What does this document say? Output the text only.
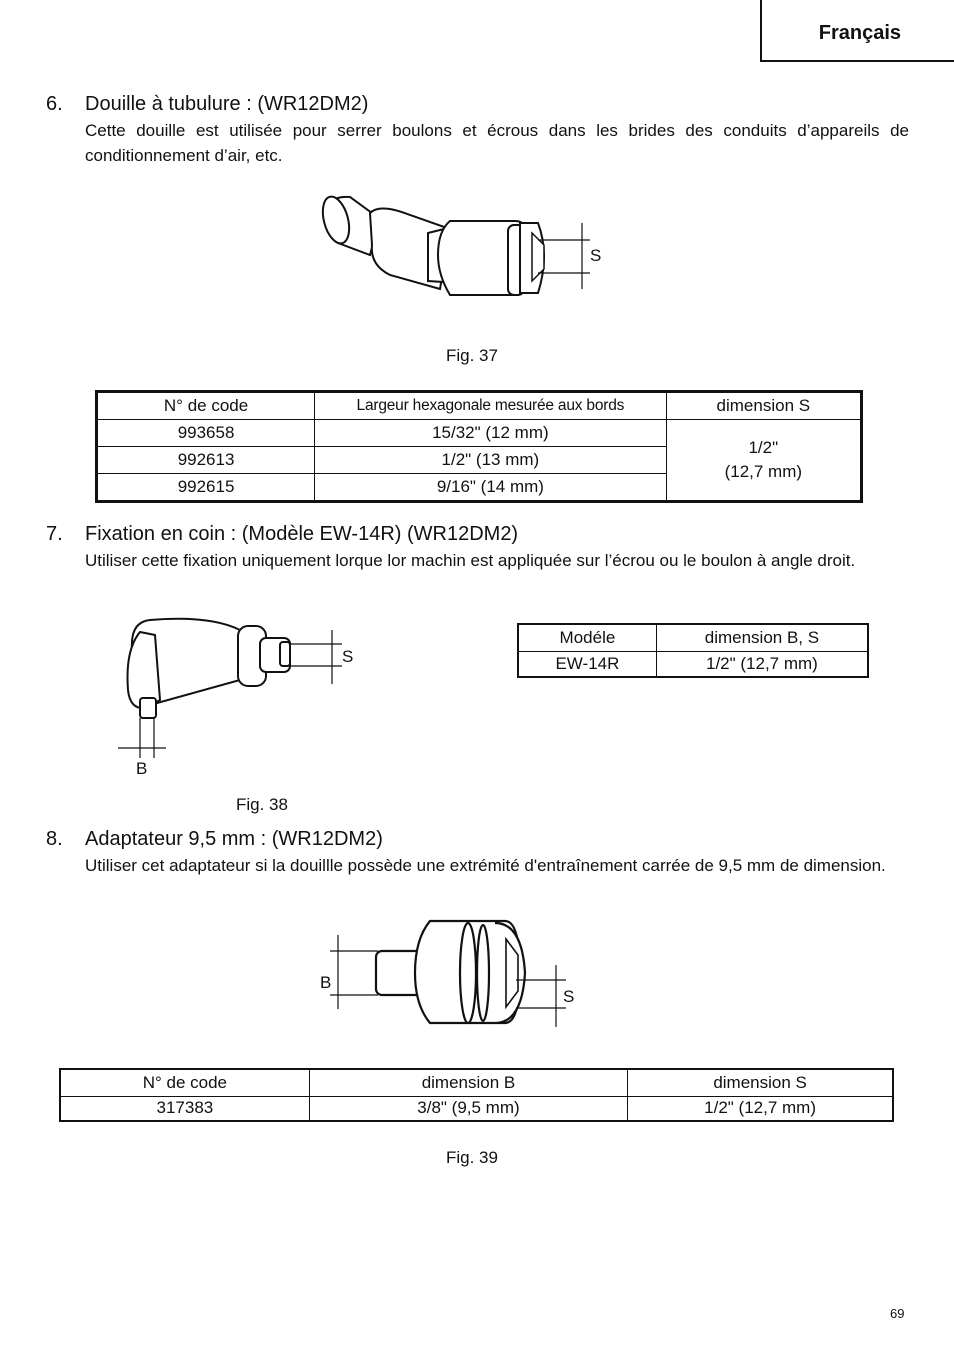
Français
6. Douille à tubulure : (WR12DM2)
Cette douille est utilisée pour serrer boulons et écrous dans les brides des conduits d’appareils de conditionnement d’air, etc.
S
Fig. 37
N° de code	Largeur hexagonale mesurée aux bords	dimension S
993658	15/32" (12 mm)	1/2"
(12,7 mm)

992613	1/2" (13 mm)	
992615	9/16" (14 mm)	
7. Fixation en coin : (Modèle EW-14R) (WR12DM2)
Utiliser cette fixation uniquement lorque lor machin est appliquée sur l’écrou ou le boulon à angle droit.
S
B
Fig. 38
Modéle	dimension B, S
EW-14R	1/2" (12,7 mm)
8. Adaptateur 9,5 mm : (WR12DM2)
Utiliser cet adaptateur si la douillle possède une extrémité d'entraînement carrée de 9,5 mm de dimension.
B
S
N° de code	dimension B	dimension S
317383	3/8" (9,5 mm)	1/2" (12,7 mm)
Fig. 39
69
